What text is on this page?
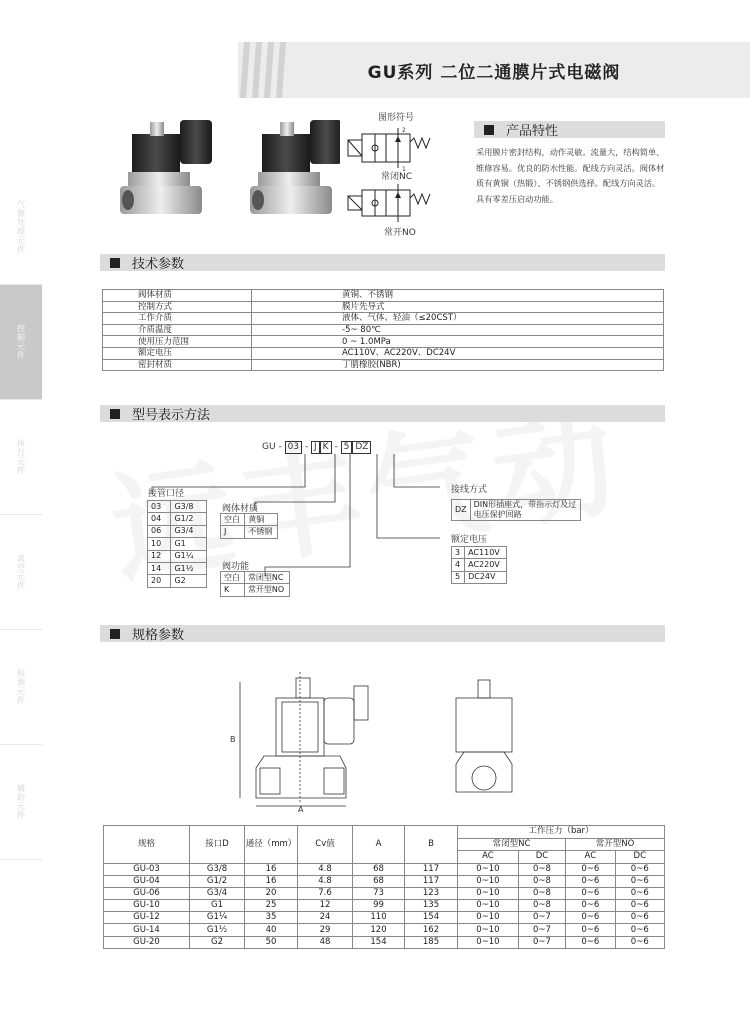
GU系列 二位二通膜片式电磁阀
气源处理元件
控制元件
执行元件
真空元件
检测元件
辅助元件
图形符号
2
1
常闭NC
常开NO
产品特性
采用膜片密封结构，动作灵敏。流量大，结构简单、维修容易。优良的防水性能。配线方向灵活。阀体材质有黄铜（热锻）、不锈钢供选择。配线方向灵活。具有零差压启动功能。
技术参数
阀体材质	黄铜、不锈钢
控制方式	膜片先导式
工作介质	液体、气体、轻油（≤20CST）
介质温度	-5~ 80℃
使用压力范围	0 ~ 1.0MPa
额定电压	AC110V、AC220V、DC24V
密封材质	丁腈橡胶(NBR)
型号表示方法
GU - 03 - J K - 5 DZ
接管口径
03	G3/8
04	G1/2
06	G3/4
10	G1
12	G1¼
14	G1½
20	G2
阀体材质
空白	黄铜
J	不锈钢
阀功能
空白	常闭型NC
K	常开型NO
接线方式
DZ	DIN形插座式，带指示灯及过电压保护回路
额定电压
3	AC110V
4	AC220V
5	DC24V
规格参数
B
A
规格	接口D	通径（mm）	Cv值	A	B	工作压力（bar）			
						常闭型NC		常开型NO	
						AC	DC	AC	DC
GU-03	G3/8	16	4.8	68	117	0~10	0~8	0~6	0~6
GU-04	G1/2	16	4.8	68	117	0~10	0~8	0~6	0~6
GU-06	G3/4	20	7.6	73	123	0~10	0~8	0~6	0~6
GU-10	G1	25	12	99	135	0~10	0~8	0~6	0~6
GU-12	G1¼	35	24	110	154	0~10	0~7	0~6	0~6
GU-14	G1½	40	29	120	162	0~10	0~7	0~6	0~6
GU-20	G2	50	48	154	185	0~10	0~7	0~6	0~6
